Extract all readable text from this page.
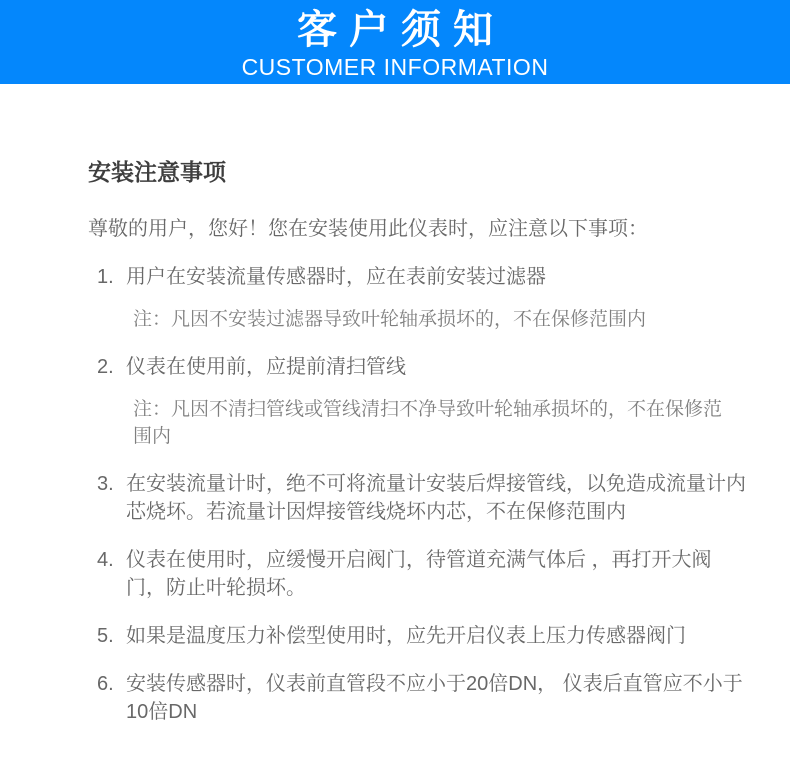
客户须知
CUSTOMER INFORMATION
安装注意事项

尊敬的用户，您好！您在安装使用此仪表时，应注意以下事项：

1. 用户在安装流量传感器时，应在表前安装过滤器

注：凡因不安装过滤器导致叶轮轴承损坏的，不在保修范围内

2. 仪表在使用前，应提前清扫管线

注：凡因不清扫管线或管线清扫不净导致叶轮轴承损坏的，不在保修范围内

3. 在安装流量计时，绝不可将流量计安装后焊接管线，以免造成流量计内芯烧坏。若流量计因焊接管线烧坏内芯，不在保修范围内

4. 仪表在使用时，应缓慢开启阀门，待管道充满气体后 ，再打开大阀门，防止叶轮损坏。

5. 如果是温度压力补偿型使用时，应先开启仪表上压力传感器阀门

6. 安装传感器时，仪表前直管段不应小于20倍DN， 仪表后直管应不小于10倍DN
